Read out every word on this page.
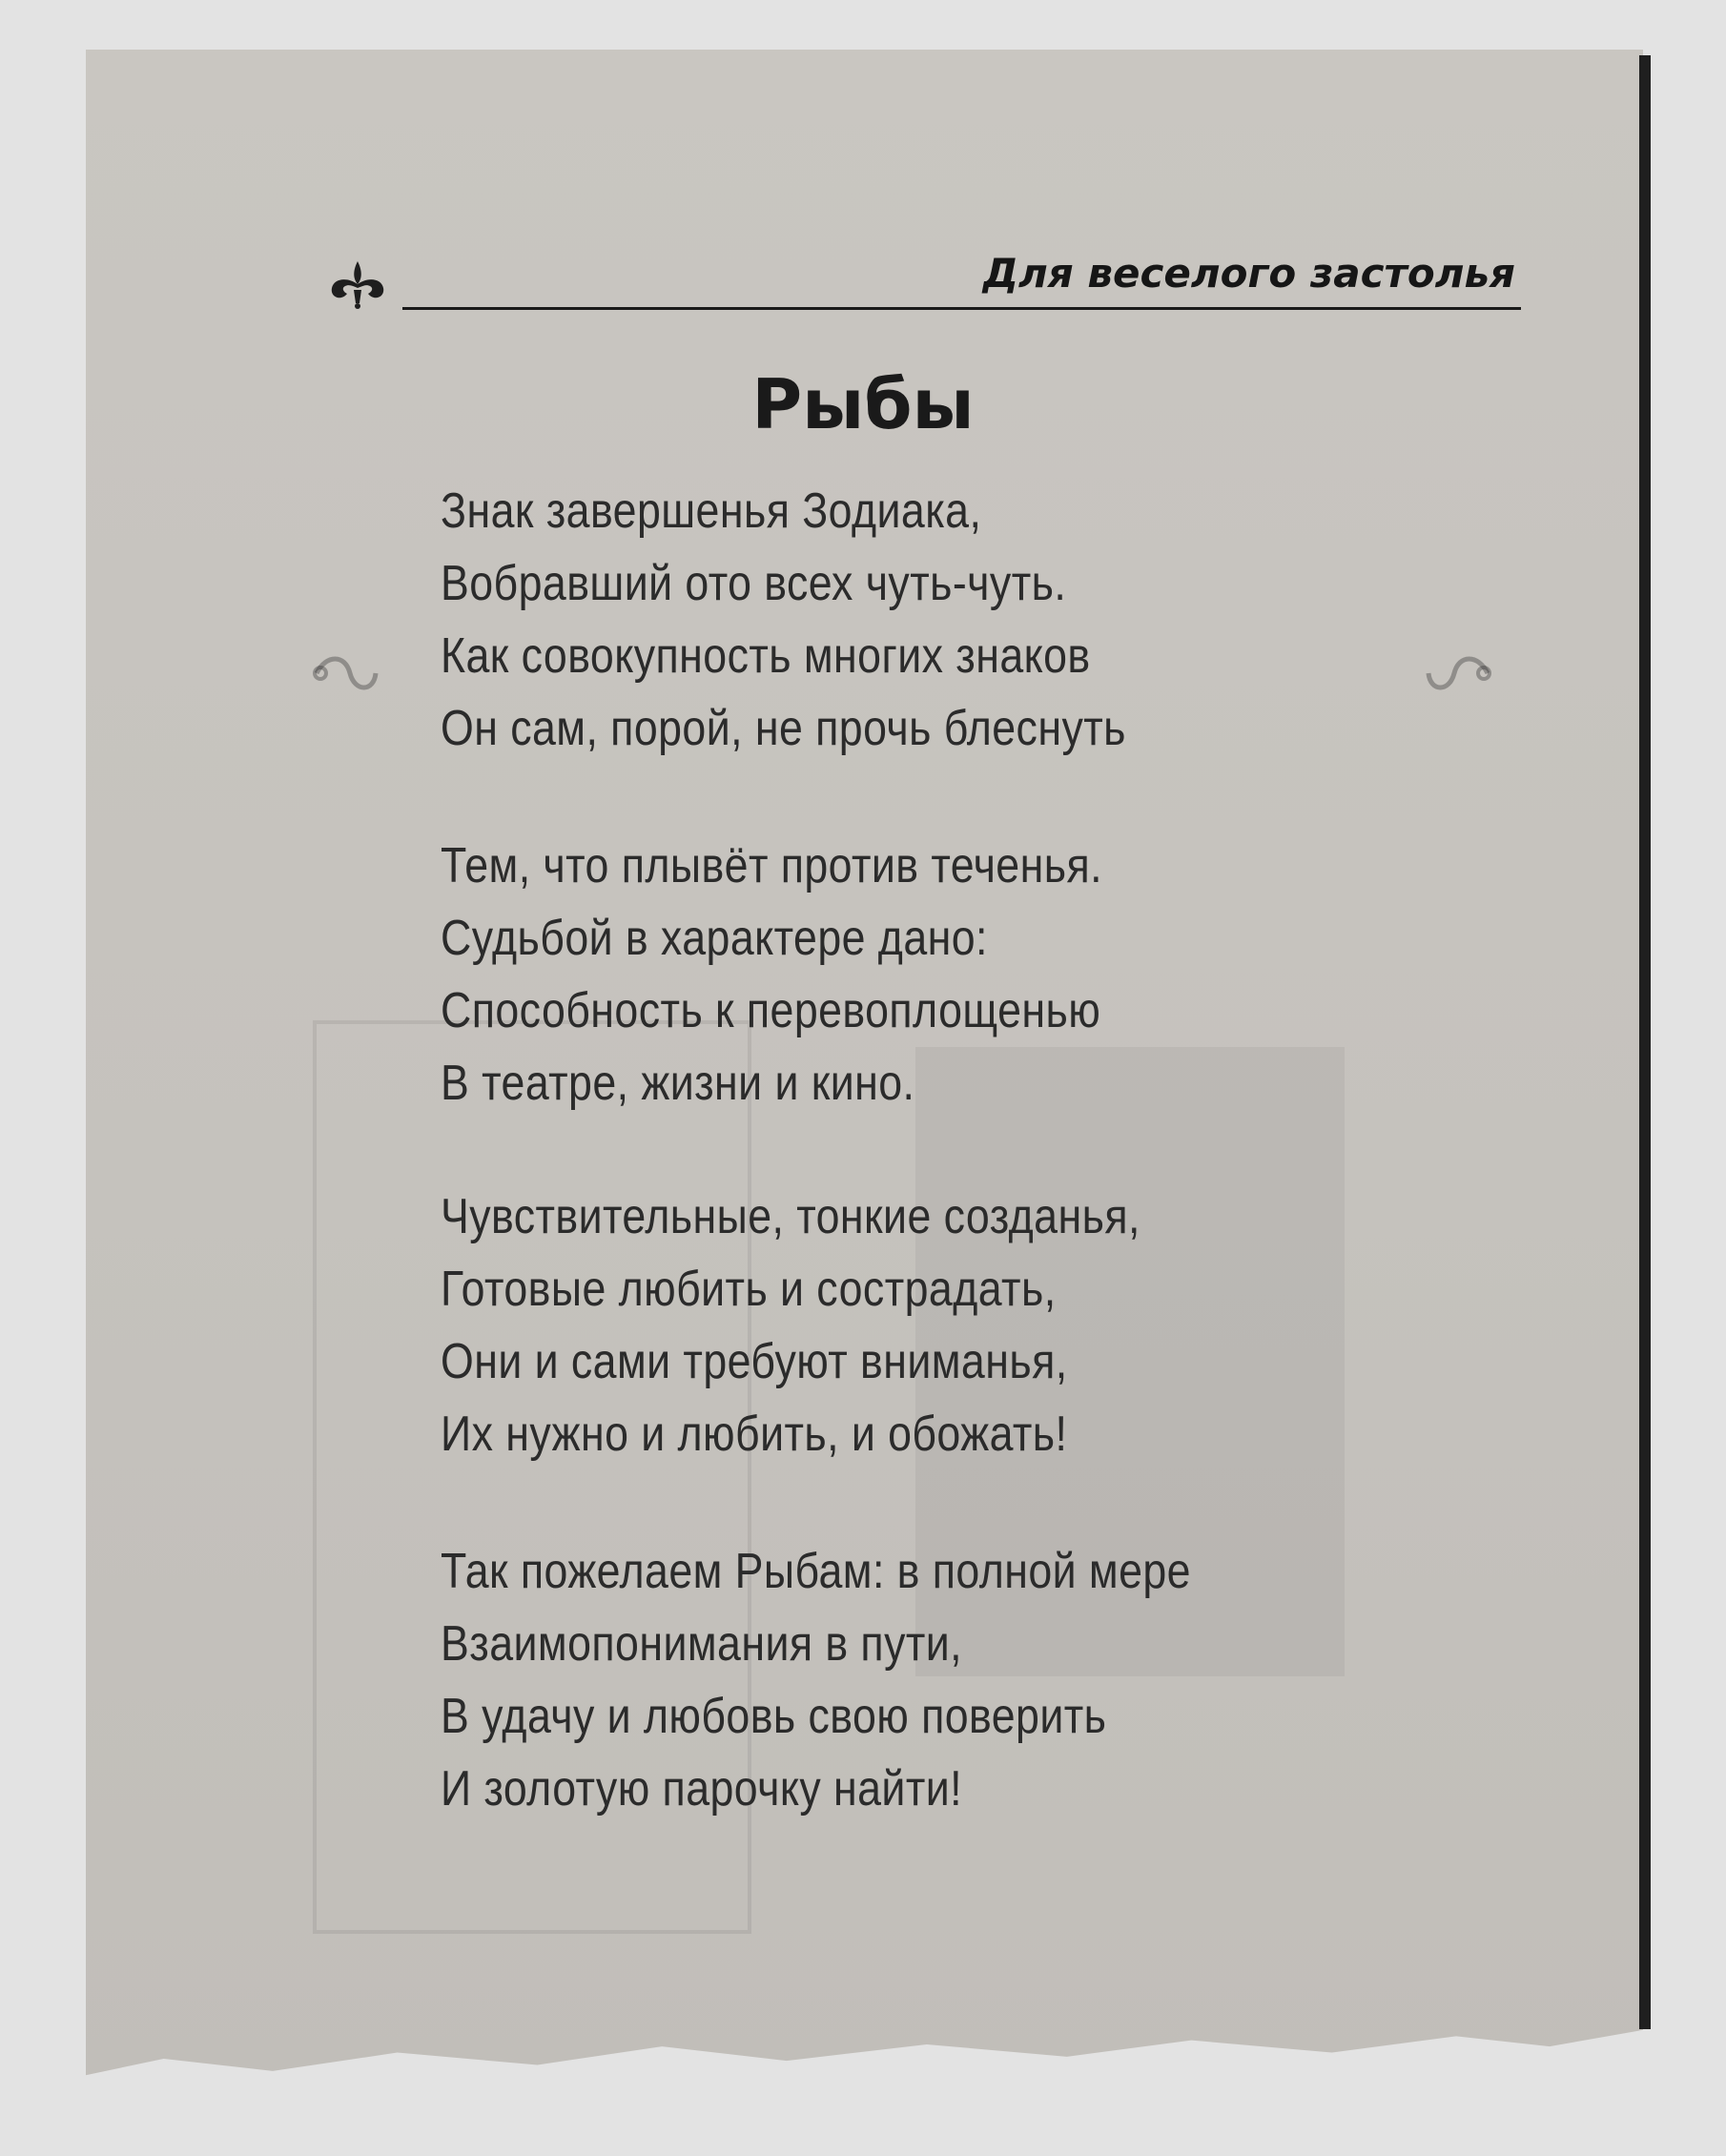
Для веселого застолья
Рыбы
Знак завершенья Зодиака,
Вобравший ото всех чуть-чуть.
Как совокупность многих знаков
Он сам, порой, не прочь блеснуть
Тем, что плывёт против теченья.
Судьбой в характере дано:
Способность к перевоплощенью
В театре, жизни и кино.
Чувствительные, тонкие созданья,
Готовые любить и сострадать,
Они и сами требуют вниманья,
Их нужно и любить, и обожать!
Так пожелаем Рыбам: в полной мере
Взаимопонимания в пути,
В удачу и любовь свою поверить
И золотую парочку найти!
